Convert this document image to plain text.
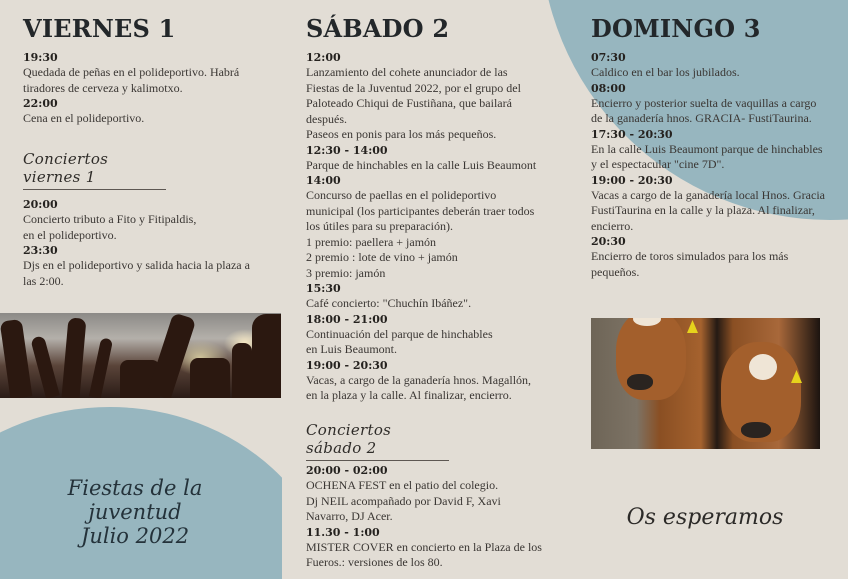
VIERNES 1
19:30
Quedada de peñas en el polideportivo. Habrá
tiradores de cerveza y kalimotxo.
22:00
Cena en el polideportivo.
Conciertos viernes 1
20:00
Concierto tributo a Fito y Fitipaldis,
en el polideportivo.
23:30
Djs en el polideportivo y salida hacia la plaza a
las 2:00.
SÁBADO 2
12:00
Lanzamiento del cohete anunciador de las
Fiestas de la Juventud 2022, por el grupo del
Paloteado Chiqui de Fustiñana, que bailará
después.
Paseos en ponis para los más pequeños.
12:30 - 14:00
Parque de hinchables en la calle Luis Beaumont
14:00
Concurso de paellas en el polideportivo
municipal (los participantes deberán traer todos
los útiles para su preparación).
1 premio: paellera + jamón
2 premio : lote de vino + jamón
3 premio: jamón
15:30
Café concierto: "Chuchín Ibáñez".
18:00 - 21:00
Continuación del parque de hinchables
en Luis Beaumont.
19:00 - 20:30
Vacas, a cargo de la ganadería hnos. Magallón,
en la plaza y la calle. Al finalizar, encierro.
Conciertos sábado 2
20:00 - 02:00
OCHENA FEST en el patio del colegio.
Dj NEIL acompañado por David F, Xavi
Navarro, DJ Acer.
11.30 - 1:00
MISTER COVER en concierto en la Plaza de los
Fueros.: versiones de los 80.
DOMINGO 3
07:30
Caldico en el bar los jubilados.
08:00
Encierro y posterior suelta de vaquillas a cargo
de la ganadería hnos. GRACIA- FustiTaurina.
17:30 - 20:30
En la calle Luis Beaumont parque de hinchables
y el espectacular "cine 7D".
19:00 - 20:30
Vacas a cargo de la ganadería local Hnos. Gracia
FustiTaurina en la calle y la plaza. Al finalizar,
encierro.
20:30
Encierro de toros simulados para los más
pequeños.
Fiestas de la juventud
Julio 2022
Os esperamos
